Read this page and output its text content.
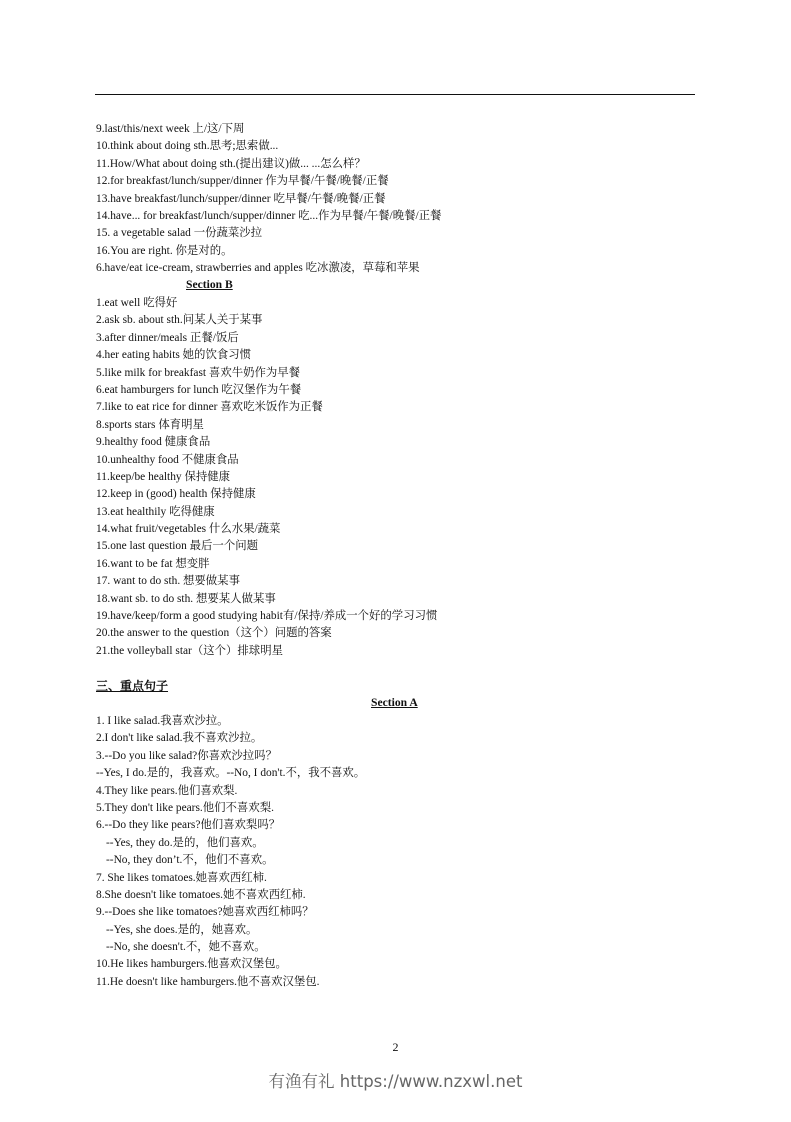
9.last/this/next week 上/这/下周
10.think about doing sth.思考;思索做...
11.How/What about doing sth.(提出建议)做... ...怎么样？
12.for breakfast/lunch/supper/dinner 作为早餐/午餐/晚餐/正餐
13.have breakfast/lunch/supper/dinner 吃早餐/午餐/晚餐/正餐
14.have... for breakfast/lunch/supper/dinner 吃...作为早餐/午餐/晚餐/正餐
15. a vegetable salad 一份蔬菜沙拉
16.You are right. 你是对的。
6.have/eat ice-cream, strawberries and apples 吃冰激凌，草莓和苹果
Section B
1.eat well 吃得好
2.ask sb. about sth.问某人关于某事
3.after dinner/meals 正餐/饭后
4.her eating habits 她的饮食习惯
5.like milk for breakfast 喜欢牛奶作为早餐
6.eat hamburgers for lunch 吃汉堡作为午餐
7.like to eat rice for dinner 喜欢吃米饭作为正餐
8.sports stars 体育明星
9.healthy food 健康食品
10.unhealthy food 不健康食品
11.keep/be healthy 保持健康
12.keep in (good) health 保持健康
13.eat healthily 吃得健康
14.what fruit/vegetables 什么水果/蔬菜
15.one last question 最后一个问题
16.want to be fat 想变胖
17. want to do sth. 想要做某事
18.want sb. to do sth. 想要某人做某事
19.have/keep/form a good studying habit有/保持/养成一个好的学习习惯
20.the answer to the question（这个）问题的答案
21.the volleyball star（这个）排球明星
三、重点句子
Section A
1. I like salad.我喜欢沙拉。
2.I don't like salad.我不喜欢沙拉。
3.--Do you like salad?你喜欢沙拉吗？
--Yes, I do.是的，我喜欢。--No, I don't.不，我不喜欢。
4.They like pears.他们喜欢梨.
5.They don't like pears.他们不喜欢梨.
6.--Do they like pears?他们喜欢梨吗？
--Yes, they do.是的，他们喜欢。
--No, they don’t.不，他们不喜欢。
7. She likes tomatoes.她喜欢西红柿.
8.She doesn't like tomatoes.她不喜欢西红柿.
9.--Does she like tomatoes?她喜欢西红柿吗？
--Yes, she does.是的，她喜欢。
--No, she doesn't.不，她不喜欢。
10.He likes hamburgers.他喜欢汉堡包。
11.He doesn't like hamburgers.他不喜欢汉堡包.
2
有渔有礼 https://www.nzxwl.net
